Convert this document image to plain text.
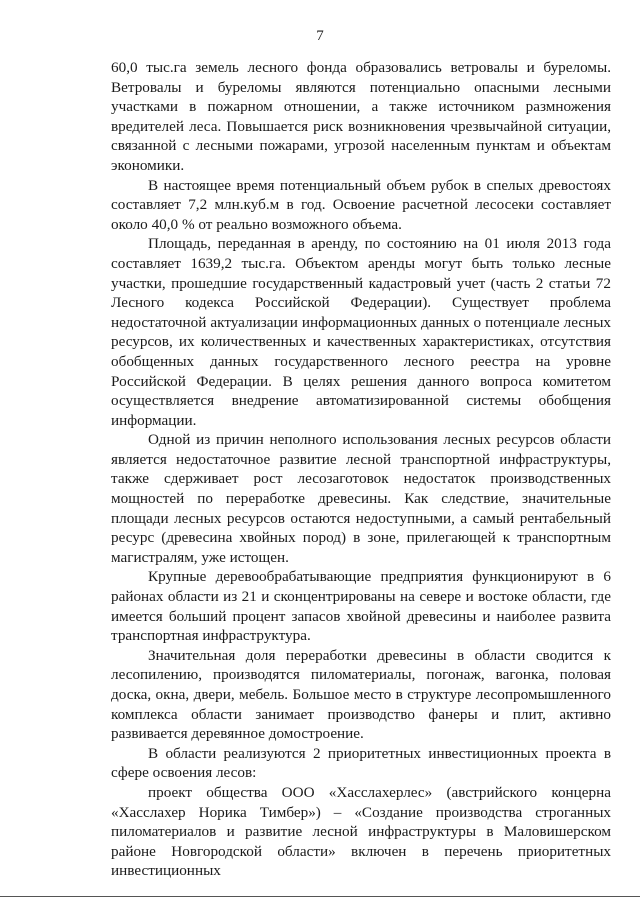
7

60,0 тыс.га земель лесного фонда образовались ветровалы и буреломы. Ветровалы и буреломы являются потенциально опасными лесными участками в пожарном отношении, а также источником размножения вредителей леса. Повышается риск возникновения чрезвычайной ситуации, связанной с лесными пожарами, угрозой населенным пунктам и объектам экономики.

В настоящее время потенциальный объем рубок в спелых древостоях составляет 7,2 млн.куб.м в год. Освоение расчетной лесосеки составляет около 40,0 % от реально возможного объема.

Площадь, переданная в аренду, по состоянию на 01 июля 2013 года составляет 1639,2 тыс.га. Объектом аренды могут быть только лесные участки, прошедшие государственный кадастровый учет (часть 2 статьи 72 Лесного кодекса Российской Федерации). Существует проблема недостаточной актуализации информационных данных о потенциале лесных ресурсов, их количественных и качественных характеристиках, отсутствия обобщенных данных государственного лесного реестра на уровне Российской Федерации. В целях решения данного вопроса комитетом осуществляется внедрение автоматизированной системы обобщения информации.

Одной из причин неполного использования лесных ресурсов области является недостаточное развитие лесной транспортной инфраструктуры, также сдерживает рост лесозаготовок недостаток производственных мощностей по переработке древесины. Как следствие, значительные площади лесных ресурсов остаются недоступными, а самый рентабельный ресурс (древесина хвойных пород) в зоне, прилегающей к транспортным магистралям, уже истощен.

Крупные деревообрабатывающие предприятия функционируют в 6 районах области из 21 и сконцентрированы на севере и востоке области, где имеется больший процент запасов хвойной древесины и наиболее развита транспортная инфраструктура.

Значительная доля переработки древесины в области сводится к лесопилению, производятся пиломатериалы, погонаж, вагонка, половая доска, окна, двери, мебель. Большое место в структуре лесопромышленного комплекса области занимает производство фанеры и плит, активно развивается деревянное домостроение.

В области реализуются 2 приоритетных инвестиционных проекта в сфере освоения лесов:

проект общества ООО «Хасслахерлес» (австрийского концерна «Хасслахер Норика Тимбер») – «Создание производства строганных пиломатериалов и развитие лесной инфраструктуры в Маловишерском районе Новгородской области» включен в перечень приоритетных инвестиционных
